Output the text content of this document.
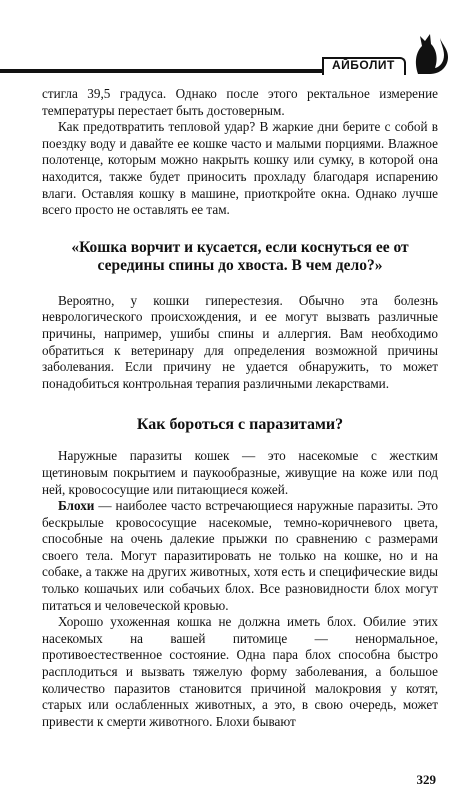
АЙБОЛИТ

стигла 39,5 градуса. Однако после этого ректальное измерение температуры перестает быть достоверным.

Как предотвратить тепловой удар? В жаркие дни берите с собой в поездку воду и давайте ее кошке часто и малыми порциями. Влажное полотенце, которым можно накрыть кошку или сумку, в которой она находится, также будет приносить прохладу благодаря испарению влаги. Оставляя кошку в машине, приоткройте окна. Однако лучше всего просто не оставлять ее там.

«Кошка ворчит и кусается, если коснуться ее от середины спины до хвоста. В чем дело?»

Вероятно, у кошки гиперестезия. Обычно эта болезнь неврологического происхождения, и ее могут вызвать различные причины, например, ушибы спины и аллергия. Вам необходимо обратиться к ветеринару для определения возможной причины заболевания. Если причину не удается обнаружить, то может понадобиться контрольная терапия различными лекарствами.

Как бороться с паразитами?

Наружные паразиты кошек — это насекомые с жестким щетиновым покрытием и паукообразные, живущие на коже или под ней, кровососущие или питающиеся кожей.

Блохи — наиболее часто встречающиеся наружные паразиты. Это бескрылые кровососущие насекомые, темно-коричневого цвета, способные на очень далекие прыжки по сравнению с размерами своего тела. Могут паразитировать не только на кошке, но и на собаке, а также на других животных, хотя есть и специфические виды только кошачьих или собачьих блох. Все разновидности блох могут питаться и человеческой кровью.

Хорошо ухоженная кошка не должна иметь блох. Обилие этих насекомых на вашей питомице — ненормальное, противоестественное состояние. Одна пара блох способна быстро расплодиться и вызвать тяжелую форму заболевания, а большое количество паразитов становится причиной малокровия у котят, старых или ослабленных животных, а это, в свою очередь, может привести к смерти животного. Блохи бывают

329
